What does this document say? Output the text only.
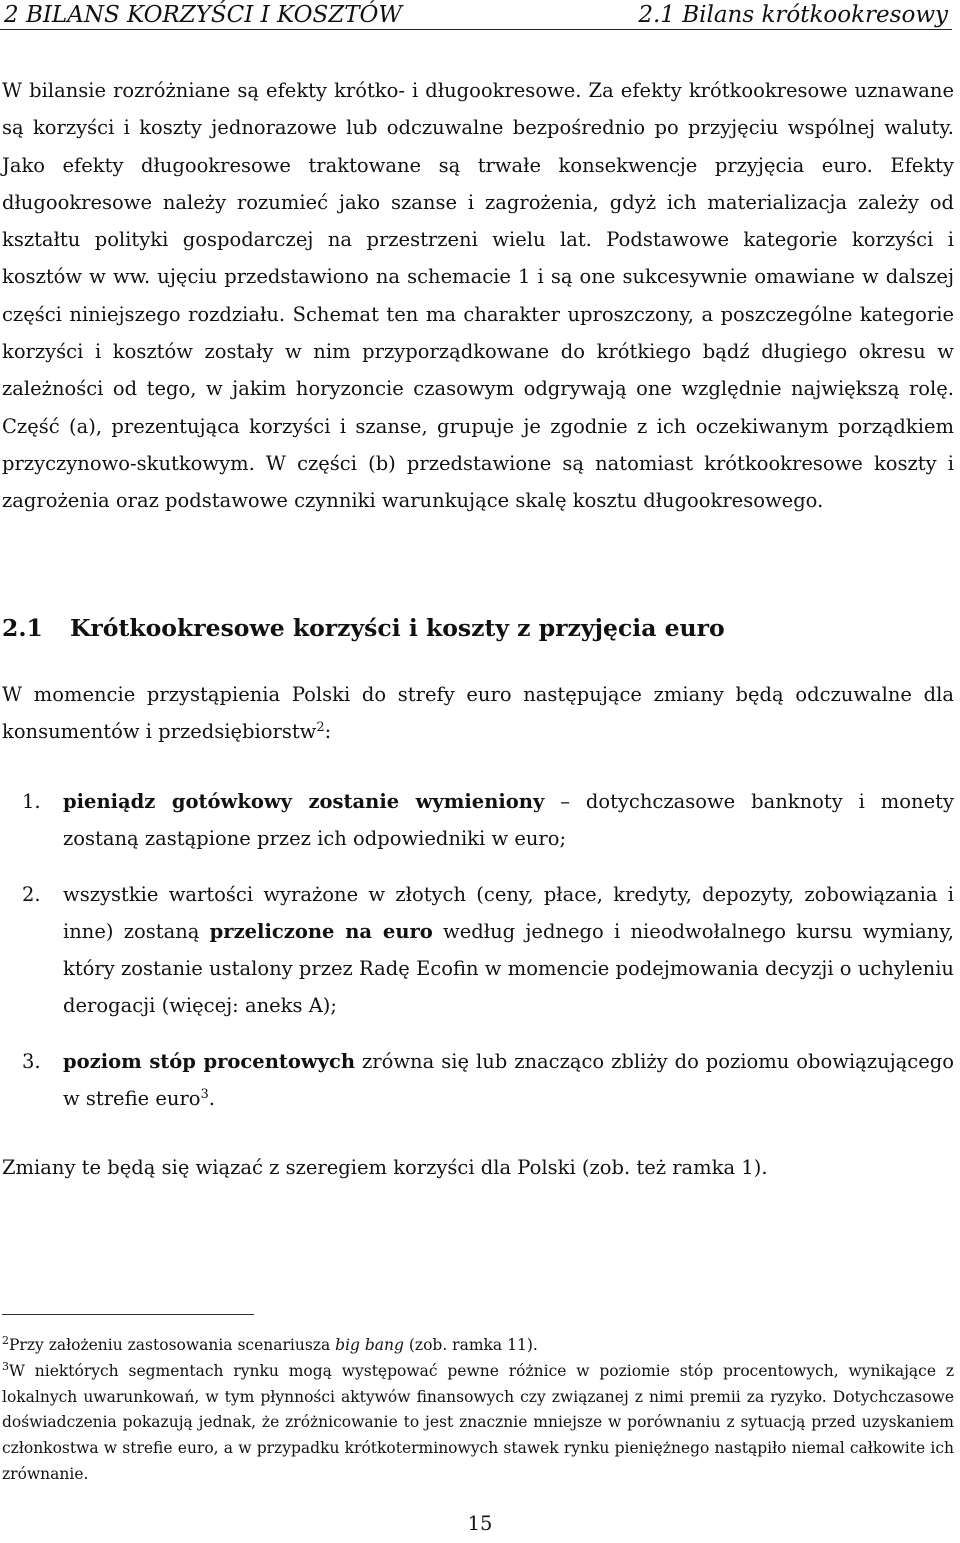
2 BILANS KORZYŚCI I KOSZTÓW	2.1 Bilans krótkookresowy

W bilansie rozróżniane są efekty krótko- i długookresowe. Za efekty krótkookresowe uznawane są korzyści i koszty jednorazowe lub odczuwalne bezpośrednio po przyjęciu wspólnej waluty. Jako efekty długookresowe traktowane są trwałe konsekwencje przyjęcia euro. Efekty długookresowe należy rozumieć jako szanse i zagrożenia, gdyż ich materializacja zależy od kształtu polityki gospodarczej na przestrzeni wielu lat. Podstawowe kategorie korzyści i kosztów w ww. ujęciu przedstawiono na schemacie 1 i są one sukcesywnie omawiane w dalszej części niniejszego rozdziału. Schemat ten ma charakter uproszczony, a poszczególne kategorie korzyści i kosztów zostały w nim przyporządkowane do krótkiego bądź długiego okresu w zależności od tego, w jakim horyzoncie czasowym odgrywają one względnie największą rolę. Część (a), prezentująca korzyści i szanse, grupuje je zgodnie z ich oczekiwanym porządkiem przyczynowo-skutkowym. W części (b) przedstawione są natomiast krótkookresowe koszty i zagrożenia oraz podstawowe czynniki warunkujące skalę kosztu długookresowego.

2.1 Krótkookresowe korzyści i koszty z przyjęcia euro

W momencie przystąpienia Polski do strefy euro następujące zmiany będą odczuwalne dla konsumentów i przedsiębiorstw$^2$:

1. pieniądz gotówkowy zostanie wymieniony – dotychczasowe banknoty i monety zostaną zastąpione przez ich odpowiedniki w euro;
2. wszystkie wartości wyrażone w złotych (ceny, płace, kredyty, depozyty, zobowiązania i inne) zostaną przeliczone na euro według jednego i nieodwołalnego kursu wymiany, który zostanie ustalony przez Radę Ecofin w momencie podejmowania decyzji o uchyleniu derogacji (więcej: aneks A);
3. poziom stóp procentowych zrówna się lub znacząco zbliży do poziomu obowiązującego w strefie euro$^3$.

Zmiany te będą się wiązać z szeregiem korzyści dla Polski (zob. też ramka 1).

$^2$Przy założeniu zastosowania scenariusza big bang (zob. ramka 11).
$^3$W niektórych segmentach rynku mogą występować pewne różnice w poziomie stóp procentowych, wynikające z lokalnych uwarunkowań, w tym płynności aktywów finansowych czy związanej z nimi premii za ryzyko. Dotychczasowe doświadczenia pokazują jednak, że zróżnicowanie to jest znacznie mniejsze w porównaniu z sytuacją przed uzyskaniem członkostwa w strefie euro, a w przypadku krótkoterminowych stawek rynku pieniężnego nastąpiło niemal całkowite ich zrównanie.
15
